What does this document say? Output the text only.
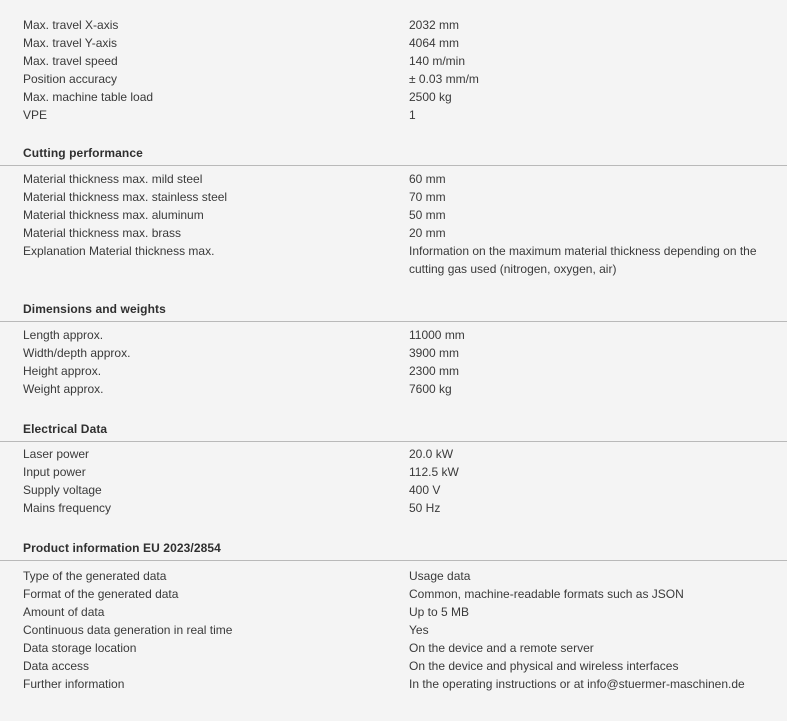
Max. travel X-axis	2032 mm
Max. travel Y-axis	4064 mm
Max. travel speed	140 m/min
Position accuracy	± 0.03 mm/m
Max. machine table load	2500 kg
VPE	1
Cutting performance
Material thickness max. mild steel	60 mm
Material thickness max. stainless steel	70 mm
Material thickness max. aluminum	50 mm
Material thickness max. brass	20 mm
Explanation Material thickness max.	Information on the maximum material thickness depending on the cutting gas used (nitrogen, oxygen, air)
Dimensions and weights
Length approx.	11000 mm
Width/depth approx.	3900 mm
Height approx.	2300 mm
Weight approx.	7600 kg
Electrical Data
Laser power	20.0 kW
Input power	112.5 kW
Supply voltage	400 V
Mains frequency	50 Hz
Product information EU 2023/2854
Type of the generated data	Usage data
Format of the generated data	Common, machine-readable formats such as JSON
Amount of data	Up to 5 MB
Continuous data generation in real time	Yes
Data storage location	On the device and a remote server
Data access	On the device and physical and wireless interfaces
Further information	In the operating instructions or at info@stuermer-maschinen.de
